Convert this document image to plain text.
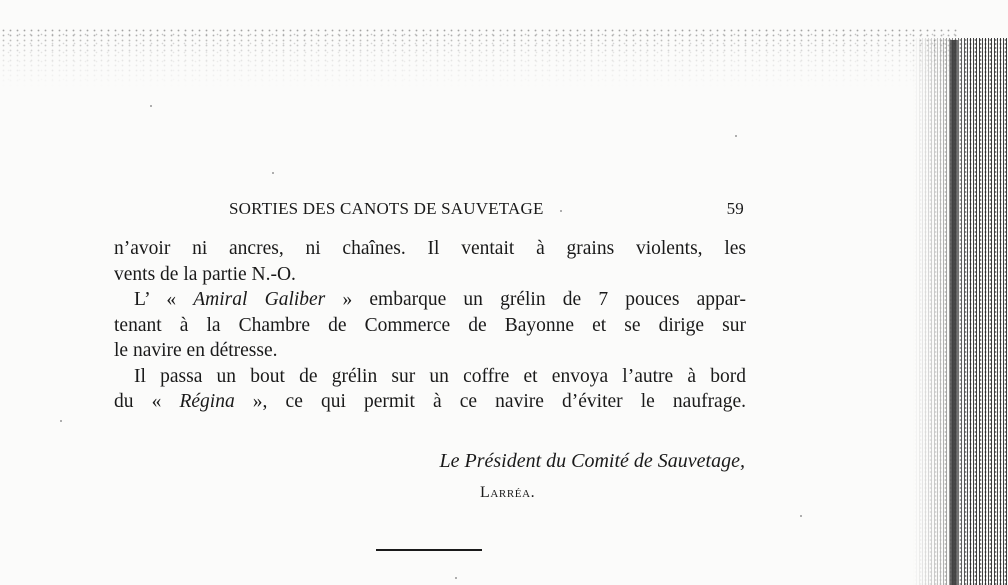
SORTIES DES CANOTS DE SAUVETAGE	59
n’avoir ni ancres, ni chaînes. Il ventait à grains violents, les
vents de la partie N.-O.
L’ « Amiral Galiber » embarque un grélin de 7 pouces appar-
tenant à la Chambre de Commerce de Bayonne et se dirige sur
le navire en détresse.
Il passa un bout de grélin sur un coffre et envoya l’autre à bord
du « Régina », ce qui permit à ce navire d’éviter le naufrage.
Le Président du Comité de Sauvetage,
Larréa.
